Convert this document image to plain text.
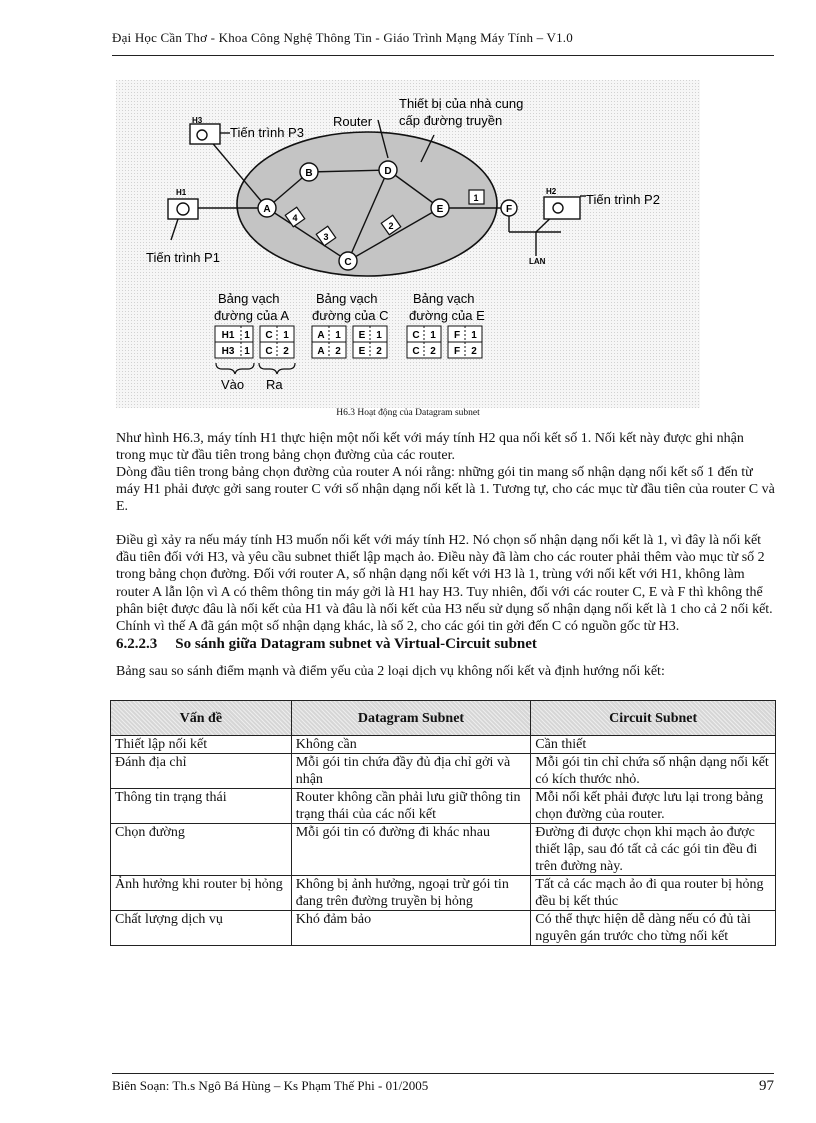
Đại Học Cần Thơ - Khoa Công Nghệ Thông Tin - Giáo Trình Mạng Máy Tính – V1.0
H3
H1	H2
A
B
C
D
E	F
4
3
2
1
Router
Thiết bị của nhà cung
cấp đường truyền
Tiến trình P3
Tiến trình P1
Tiến trình P2
LAN
Bảng vạch
đường của A
Bảng vạch
đường của C
Bảng vạch
đường của E
H1 1 C 1
H3 1 C 2
A 1 E 1
A 2 E 2
C 1 F 1
C 2 F 2
Vào Ra
H6.3 Hoạt động của Datagram subnet

Như hình H6.3, máy tính H1 thực hiện một nối kết với máy tính H2 qua nối kết số 1. Nối kết này được ghi nhận trong mục từ đầu tiên trong bảng chọn đường của các router.

Dòng đầu tiên trong bảng chọn đường của router A nói rằng: những gói tin mang số nhận dạng nối kết số 1 đến từ máy H1 phải được gởi sang router C với số nhận dạng nối kết là 1. Tương tự, cho các mục từ đầu tiên của router C và E.

Điều gì xảy ra nếu máy tính H3 muốn nối kết với máy tính H2. Nó chọn số nhận dạng nối kết là 1, vì đây là nối kết đầu tiên đối với H3, và yêu cầu subnet thiết lập mạch ảo. Điều này đã làm cho các router phải thêm vào mục từ số 2 trong bảng chọn đường. Đối với router A, số nhận dạng nối kết với H3 là 1, trùng với nối kết với H1, không làm router A lẫn lộn vì A có thêm thông tin máy gởi là H1 hay H3. Tuy nhiên, đối với các router C, E và F thì không thể phân biệt được đâu là nối kết của H1 và đâu là nối kết của H3 nếu sử dụng số nhận dạng nối kết là 1 cho cả 2 nối kết. Chính vì thế A đã gán một số nhận dạng khác, là số 2, cho các gói tin gởi đến C có nguồn gốc từ H3.

6.2.2.3 So sánh giữa Datagram subnet và Virtual-Circuit subnet
Bảng sau so sánh điểm mạnh và điểm yếu của 2 loại dịch vụ không nối kết và định hướng nối kết:
Vấn đề	Datagram Subnet	Circuit Subnet
Thiết lập nối kết	Không cần	Cần thiết
Đánh địa chỉ	Mỗi gói tin chứa đầy đủ địa chỉ gởi và nhận	Mỗi gói tin chỉ chứa số nhận dạng nối kết có kích thước nhỏ.
Thông tin trạng thái	Router không cần phải lưu giữ thông tin trạng thái của các nối kết	Mỗi nối kết phải được lưu lại trong bảng chọn đường của router.
Chọn đường	Mỗi gói tin có đường đi khác nhau	Đường đi được chọn khi mạch ảo được thiết lập, sau đó tất cả các gói tin đều đi trên đường này.
Ảnh hưởng khi router bị hỏng	Không bị ảnh hưởng, ngoại trừ gói tin đang trên đường truyền bị hỏng	Tất cả các mạch ảo đi qua router bị hỏng đều bị kết thúc
Chất lượng dịch vụ	Khó đảm bảo	Có thể thực hiện dễ dàng nếu có đủ tài nguyên gán trước cho từng nối kết
Biên Soạn: Th.s Ngô Bá Hùng – Ks Phạm Thế Phi - 01/2005	97
